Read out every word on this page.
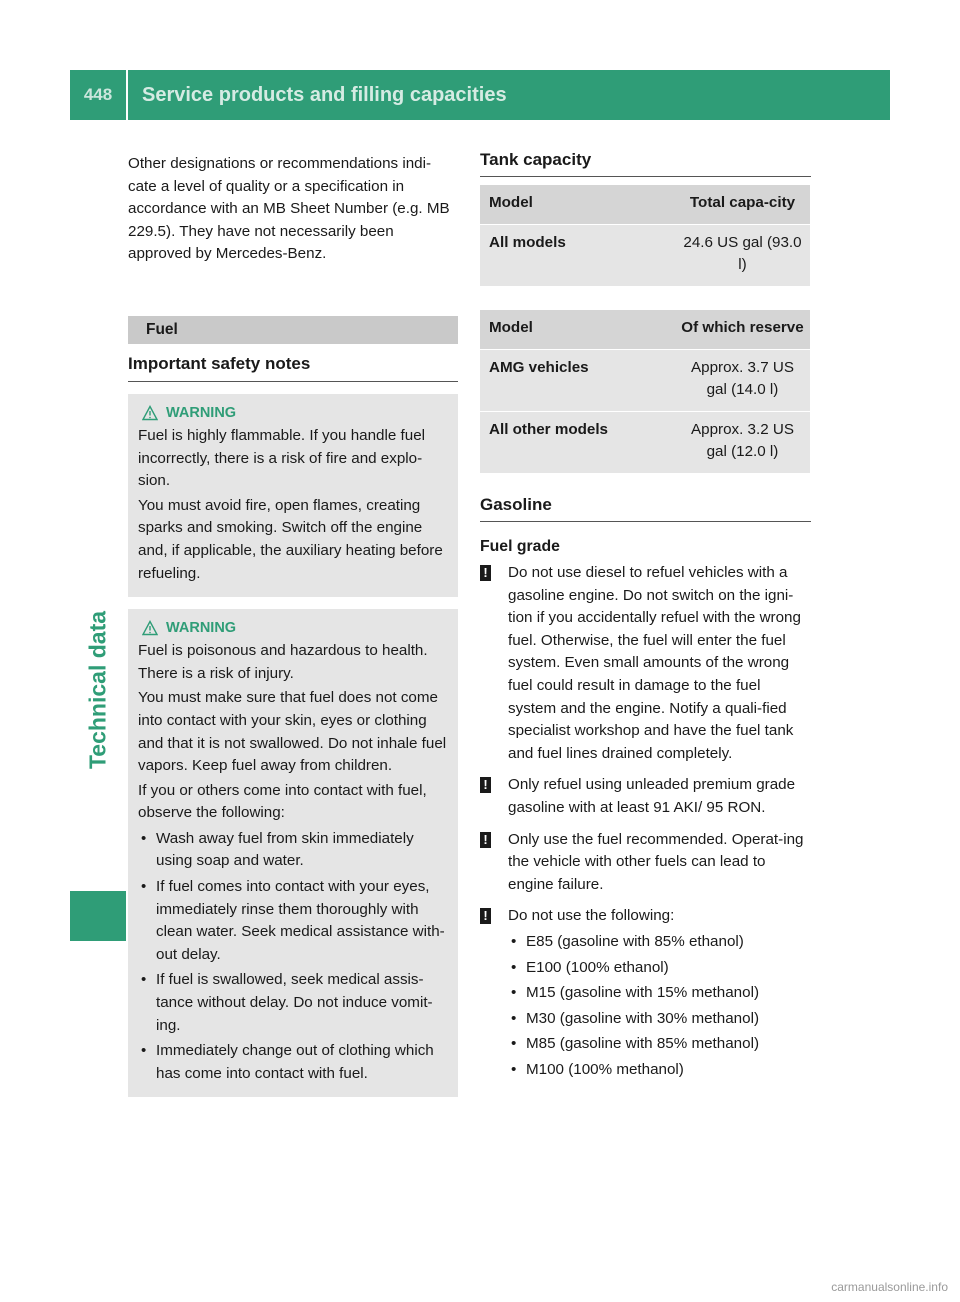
448	Service products and filling capacities
Technical data

Other designations or recommendations indi-cate a level of quality or a specification in accordance with an MB Sheet Number (e.g. MB 229.5). They have not necessarily been approved by Mercedes-Benz.

Fuel
Important safety notes
WARNING

Fuel is highly flammable. If you handle fuel incorrectly, there is a risk of fire and explo-sion.

You must avoid fire, open flames, creating sparks and smoking. Switch off the engine and, if applicable, the auxiliary heating before refueling.

WARNING

Fuel is poisonous and hazardous to health. There is a risk of injury.

You must make sure that fuel does not come into contact with your skin, eyes or clothing and that it is not swallowed. Do not inhale fuel vapors. Keep fuel away from children.

If you or others come into contact with fuel, observe the following:

• Wash away fuel from skin immediately using soap and water.
• If fuel comes into contact with your eyes, immediately rinse them thoroughly with clean water. Seek medical assistance with-out delay.
• If fuel is swallowed, seek medical assis-tance without delay. Do not induce vomit-ing.
• Immediately change out of clothing which has come into contact with fuel.
Tank capacity
Model	Total capa-city
All models	24.6 US gal (93.0 l)
Model	Of which reserve
AMG vehicles	Approx. 3.7 US gal (14.0 l)
All other models	Approx. 3.2 US gal (12.0 l)
Gasoline
Fuel grade
!	Do not use diesel to refuel vehicles with a gasoline engine. Do not switch on the igni-tion if you accidentally refuel with the wrong fuel. Otherwise, the fuel will enter the fuel system. Even small amounts of the wrong fuel could result in damage to the fuel system and the engine. Notify a quali-fied specialist workshop and have the fuel tank and fuel lines drained completely.
!	Only refuel using unleaded premium grade gasoline with at least 91 AKI/ 95 RON.
!	Only use the fuel recommended. Operat-ing the vehicle with other fuels can lead to engine failure.
!	Do not use the following:
• E85 (gasoline with 85% ethanol)
• E100 (100% ethanol)
• M15 (gasoline with 15% methanol)
• M30 (gasoline with 30% methanol)
• M85 (gasoline with 85% methanol)
• M100 (100% methanol)
carmanualsonline.info
